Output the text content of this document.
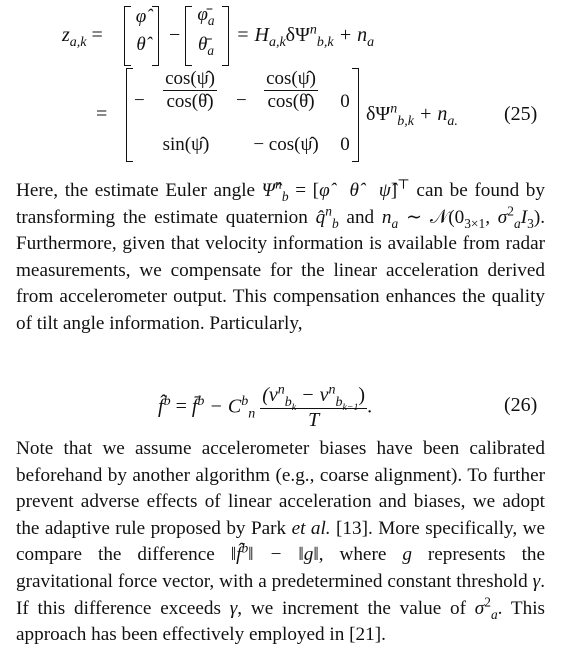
$z_{a,k}$ =
φ̂
θ̂	−
$\varphī_a$
$\thetā_a$
= $H_{a,k}\delta\Psi^n_{b,k} + n_a$
=
− $\frac{\cos(\psî)}{\cos(\thetâ)} - \frac{\cos(\psî)}{\cos(\thetâ)} 0$
sin(ψ̂)	− cos(ψ̂)	0
$\delta\Psi^n_{b,k} + n_{a.}$ (25)

Here, the estimate Euler angle Ψ̂$^n_b$ = [φ̂   θ̂   ψ̂]⊤ can be found by transforming the estimate quaternion q̂$^n_b$ and $n_a$ ∼ $𝒩(0_{3\times 1}$, $\sigma^2_aI_3$). Furthermore, given that velocity information is available from radar measurements, we compensate for the linear acceleration derived from accelerometer output. This compensation enhances the quality of tilt angle information. Particularly,

f̂$^b$ = f̄$^b$ − $C^b_n$
$(v^n_{b_k} - v^n_{b_{k-1}})$
T
.	(26)

Note that we assume accelerometer biases have been calibrated beforehand by another algorithm (e.g., coarse alignment). To further prevent adverse effects of linear acceleration and biases, we adopt the adaptive rule proposed by Park et al. [13]. More specifically, we compare the difference ‖f̂$^b$‖ − ‖g‖, where g represents the gravitational force vector, with a predetermined constant threshold γ. If this difference exceeds γ, we increment the value of $\sigma^2_a$. This approach has been effectively employed in [21].
